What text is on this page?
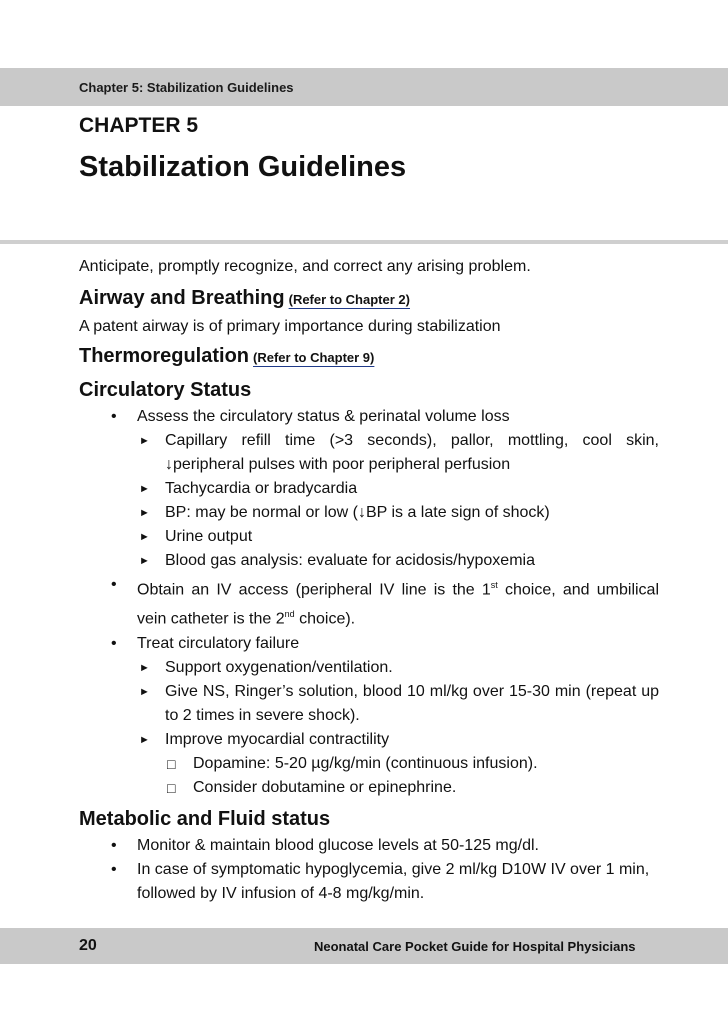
Chapter 5: Stabilization Guidelines
CHAPTER 5
Stabilization Guidelines

Anticipate, promptly recognize, and correct any arising problem.

Airway and Breathing (Refer to Chapter 2)

A patent airway is of primary importance during stabilization

Thermoregulation (Refer to Chapter 9)

Circulatory Status

• Assess the circulatory status & perinatal volume loss
► Capillary refill time (>3 seconds), pallor, mottling, cool skin, ↓peripheral pulses with poor peripheral perfusion
► Tachycardia or bradycardia
► BP: may be normal or low (↓BP is a late sign of shock)
► Urine output
► Blood gas analysis: evaluate for acidosis/hypoxemia
• Obtain an IV access (peripheral IV line is the 1st choice, and umbilical vein catheter is the 2nd choice).
• Treat circulatory failure
► Support oxygenation/ventilation.
► Give NS, Ringer’s solution, blood 10 ml/kg over 15-30 min (repeat up to 2 times in severe shock).
► Improve myocardial contractility
□ Dopamine: 5-20 µg/kg/min (continuous infusion).
□ Consider dobutamine or epinephrine.

Metabolic and Fluid status

• Monitor & maintain blood glucose levels at 50-125 mg/dl.
• In case of symptomatic hypoglycemia, give 2 ml/kg D10W IV over 1 min, followed by IV infusion of 4-8 mg/kg/min.
20	Neonatal Care Pocket Guide for Hospital Physicians
